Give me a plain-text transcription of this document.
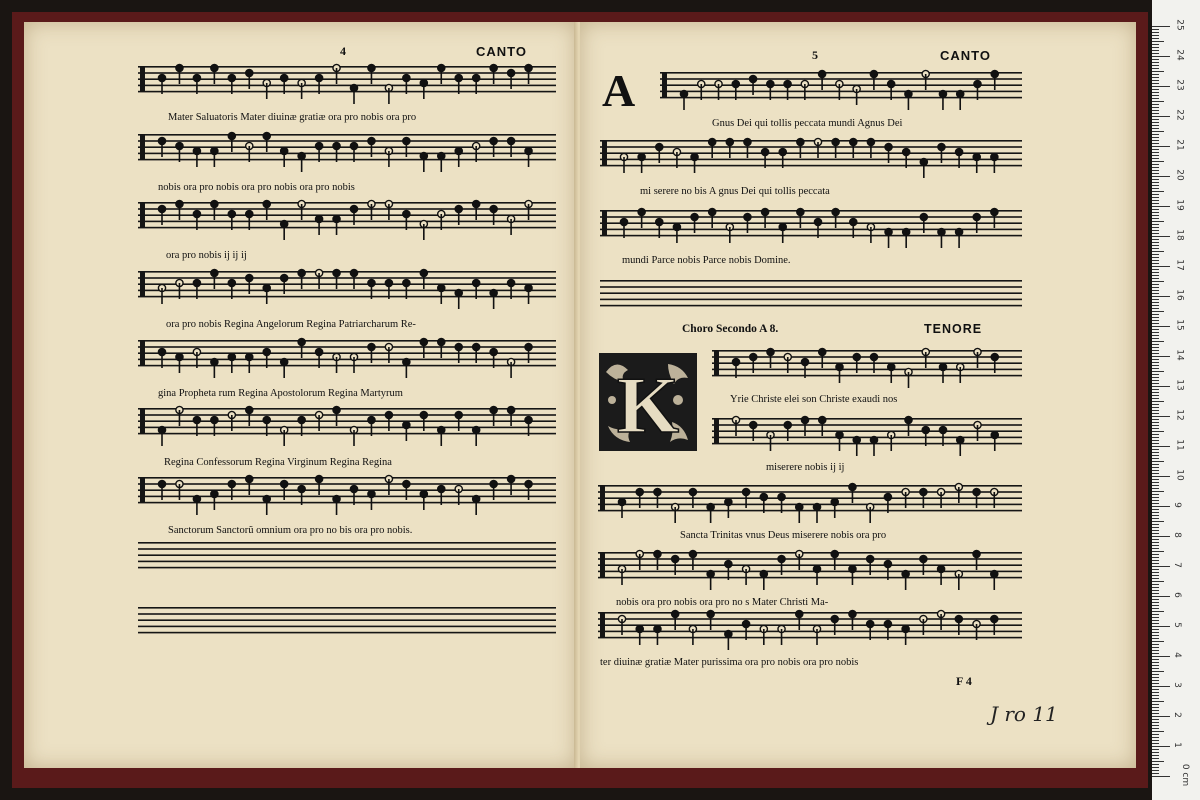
4	CANTO
Mater Saluatoris Mater diuinæ gratiæ ora pro nobis ora pro
nobis ora pro nobis ora pro nobis ora pro nobis
ora pro nobis ij ij ij
ora pro nobis Regina Angelorum Regina Patriarcharum Re-
gina Propheta rum Regina Apostolorum Regina Martyrum
Regina Confessorum Regina Virginum Regina Regina
Sanctorum Sanctorũ omnium ora pro no bis ora pro nobis.
5	CANTO
A
Gnus Dei qui tollis peccata mundi Agnus Dei
mi serere no bis A gnus Dei qui tollis peccata
mundi Parce nobis Parce nobis Domine.
Choro Secondo A 8.	TENORE
K	Yrie Christe elei son Christe exaudi nos
miserere nobis ij ij
Sancta Trinitas vnus Deus miserere nobis ora pro
nobis ora pro nobis ora pro no s Mater Christi Ma-
ter diuinæ gratiæ Mater purissima ora pro nobis ora pro nobis
F 4
J ro 11
25
24
23
22
21
20
19
18
17
16
15
14
13
12
11
10
9
8
7
6
5
4
3
2
1
0 cm
